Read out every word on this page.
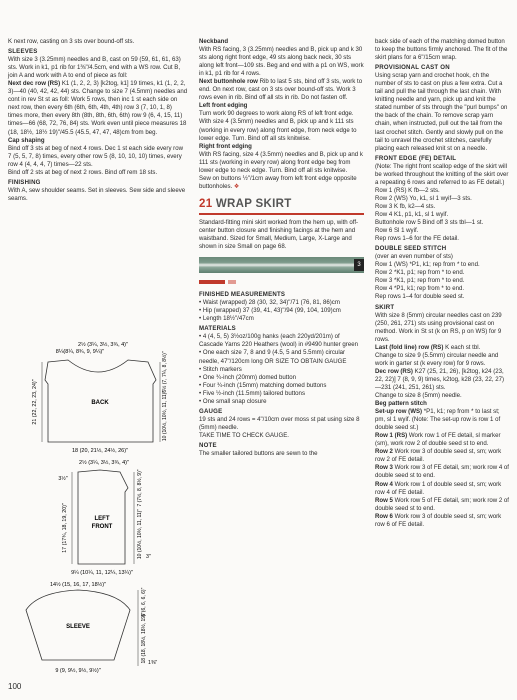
K next row, casting on 3 sts over bound-off sts.

SLEEVES

With size 3 (3.25mm) needles and B, cast on 59 (59, 61, 61, 63) sts. Work in k1, p1 rib for 1⅜"/4.5cm, end with a WS row. Cut B, join A and work with A to end of piece as foll:

Next dec row (RS) K1 (1, 2, 2, 3) [k2tog, k1] 19 times, k1 (1, 2, 2, 3)—40 (40, 42, 42, 44) sts. Change to size 7 (4.5mm) needles and cont in rev St st as foll: Work 5 rows, then inc 1 st each side on next row, then every 6th (6th, 6th, 4th, 4th) row 3 (7, 10, 1, 8) times more, then every 8th (8th, 8th, 6th, 6th) row 9 (6, 4, 15, 11) times—66 (68, 72, 76, 84) sts. Work even until piece measures 18 (18, 18½, 18½ 19)"/45.5 (45.5, 47, 47, 48)cm from beg.

Cap shaping

Bind off 3 sts at beg of next 4 rows. Dec 1 st each side every row 7 (5, 5, 7, 8) times, every other row 5 (8, 10, 10, 10) times, every row 4 (4, 4, 4, 7) times—22 sts.

Bind off 2 sts at beg of next 2 rows. Bind off rem 18 sts.

FINISHING

With A, sew shoulder seams. Set in sleeves. Sew side and sleeve seams.

2½ (3¼, 3½, 3¾, 4)"
8¼(8¼, 8¾, 9, 9¼)"
BACK
21 (22, 22, 23, 24)"
6½ (7, 7¼, 8, 8½)"
10 (10½, 10½, 11, 11)"
18 (20, 21½, 24½, 26)"
2½ (3¼, 3½, 3¾, 4)"
3½"
LEFT
FRONT
17 (17¾, 18, 19, 20)"
7 (7½, 8, 8½, 9)"
10 (10½, 10½, 11, 11)" 3"
9¼ (10¼, 11, 12¼, 13¼)"
14½ (15, 16, 17, 18½)"
SLEEVE
6 (6, 6, 6, 6)"
18 (18, 18½, 18½, 19)" 1⅜"
9 (9, 9½, 9½, 9½)"
100

Neckband

With RS facing, 3 (3.25mm) needles and B, pick up and k 30 sts along right front edge, 49 sts along back neck, 30 sts along left front—109 sts. Beg and end with a p1 on WS, work in k1, p1 rib for 4 rows.

Next buttonhole row Rib to last 5 sts, bind off 3 sts, work to end. On next row, cast on 3 sts over bound-off sts. Work 3 rows even in rib. Bind off all sts in rib. Do not fasten off.

Left front edging

Turn work 90 degrees to work along RS of left front edge.

With size 4 (3.5mm) needles and B, pick up and k 111 sts (working in every row) along front edge, from neck edge to lower edge. Turn. Bind off all sts knitwise.

Right front edging

With RS facing, size 4 (3.5mm) needles and B, pick up and k 111 sts (working in every row) along front edge beg from lower edge to neck edge. Turn. Bind off all sts knitwise.

Sew on buttons ½"/1cm away from left front edge opposite buttonholes. ❖

21 WRAP SKIRT

Standard-fitting mini skirt worked from the hem up, with off-center button closure and finishing facings at the hem and waistband. Sized for Small, Medium, Large, X-Large and shown in size Small on page 68.

3

FINISHED MEASUREMENTS

• Waist (wrapped) 28 (30, 32, 34)"/71 (76, 81, 86)cm

• Hip (wrapped) 37 (39, 41, 43)"/94 (99, 104, 109)cm

• Length 18½"/47cm

MATERIALS

• 4 (4, 5, 5) 3½oz/100g hanks (each 220yd/201m) of Cascade Yarns 220 Heathers (wool) in #9490 hunter green

• One each size 7, 8 and 9 (4.5, 5 and 5.5mm) circular needle, 47"/120cm long OR SIZE TO OBTAIN GAUGE

• Stitch markers

• One ¾-inch (20mm) domed button

• Four ¾-inch (15mm) matching domed buttons

• Five ½-inch (11.5mm) tailored buttons

• One small snap closure

GAUGE

19 sts and 24 rows = 4"/10cm over moss st pat using size 8 (5mm) needle.

TAKE TIME TO CHECK GAUGE.

NOTE

The smaller tailored buttons are sewn to the

back side of each of the matching domed button to keep the buttons firmly anchored. The fit of the skirt plans for a 6"/15cm wrap.

PROVISIONAL CAST ON

Using scrap yarn and crochet hook, ch the number of sts to cast on plus a few extra. Cut a tail and pull the tail through the last chain. With knitting needle and yarn, pick up and knit the stated number of sts through the "purl bumps" on the back of the chain. To remove scrap yarn chain, when instructed, pull out the tail from the last crochet stitch. Gently and slowly pull on the tail to unravel the crochet stitches, carefully placing each released knit st on a needle.

FRONT EDGE (FE) DETAIL

(Note: The right front scallop edge of the skirt will be worked throughout the knitting of the skirt over a repeating 6 rows and referred to as FE detail.)

Row 1 (RS) K fb—2 sts.

Row 2 (WS) Yo, k1, sl 1 wyif—3 sts.

Row 3 K fb, k2—4 sts.

Row 4 K1, p1, k1, sl 1 wyif.

Buttonhole row 5 Bind off 3 sts tbl—1 st.

Row 6 Sl 1 wyif.

Rep rows 1–6 for the FE detail.

DOUBLE SEED STITCH

(over an even number of sts)

Row 1 (WS) *P1, k1; rep from * to end.

Row 2 *K1, p1; rep from * to end.

Row 3 *K1, p1; rep from * to end.

Row 4 *P1, k1; rep from * to end.

Rep rows 1–4 for double seed st.

SKIRT

With size 8 (5mm) circular needles cast on 239 (250, 261, 271) sts using provisional cast on method. Work in St st (k on RS, p on WS) for 9 rows.

Last (fold line) row (RS) K each st tbl.

Change to size 9 (5.5mm) circular needle and work in garter st (k every row) for 9 rows.

Dec row (RS) K27 (25, 21, 26), [k2tog, k24 (23, 22, 22)] 7 (8, 9, 9) times, k2tog, k28 (23, 22, 27)—231 (241, 251, 261) sts.

Change to size 8 (5mm) needle.

Beg pattern stitch

Set-up row (WS) *P1, k1; rep from * to last st; pm, sl 1 wyif. (Note: The set-up row is row 1 of double seed st.)

Row 1 (RS) Work row 1 of FE detail, sl marker (sm), work row 2 of double seed st to end.

Row 2 Work row 3 of double seed st, sm; work row 2 of FE detail.

Row 3 Work row 3 of FE detail, sm; work row 4 of double seed st to end.

Row 4 Work row 1 of double seed st, sm; work row 4 of FE detail.

Row 5 Work row 5 of FE detail, sm; work row 2 of double seed st to end.

Row 6 Work row 3 of double seed st, sm; work row 6 of FE detail.
